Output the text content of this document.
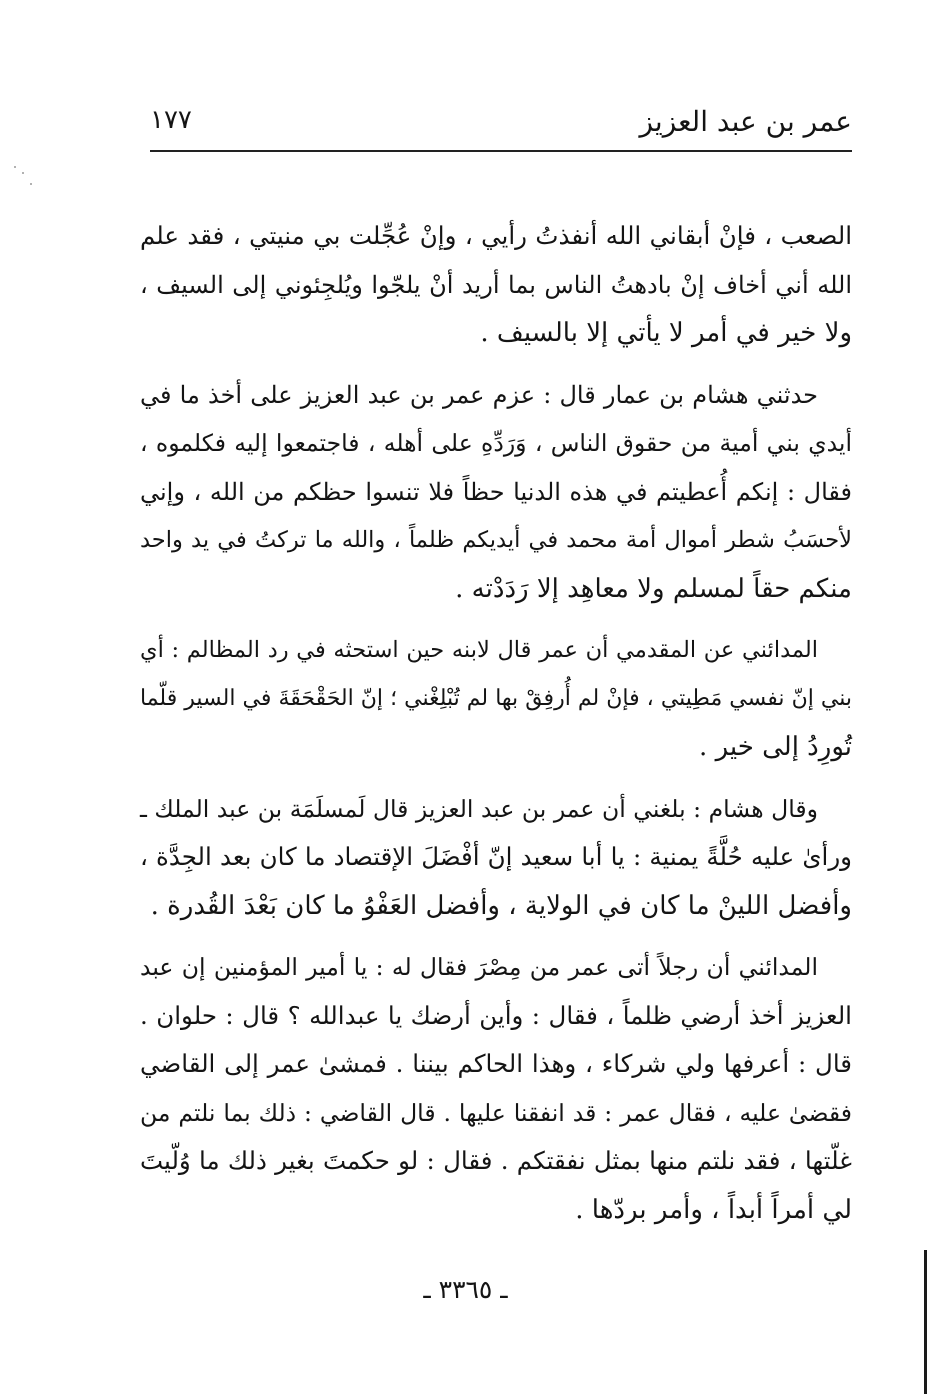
عمر بن عبد العزيز
١٧٧

الصعب ، فإنْ أبقاني الله أنفذتُ رأيي ، وإنْ عُجِّلت بي منيتي ، فقد علم
الله أني أخاف إنْ بادهتُ الناس بما أريد أنْ يلجّوا ويُلجِئوني إلى السيف ،
ولا خير في أمر لا يأتي إلا بالسيف .

حدثني هشام بن عمار قال : عزم عمر بن عبد العزيز على أخذ ما في
أيدي بني أمية من حقوق الناس ، وَرَدِّهِ على أهله ، فاجتمعوا إليه فكلموه ،
فقال : إنكم أُعطيتم في هذه الدنيا حظاً فلا تنسوا حظكم من الله ، وإني
لأحسَبُ شطر أموال أمة محمد في أيديكم ظلماً ، والله ما تركتُ في يد واحد
منكم حقاً لمسلم ولا معاهِد إلا رَدَدْته .

المدائني عن المقدمي أن عمر قال لابنه حين استحثه في رد المظالم : أي
بني إنّ نفسي مَطِيتي ، فإنْ لم أُرفِقْ بها لم تُبْلِغْني ؛ إنّ الحَقْحَقَةَ في السير قلّما
تُورِدُ إلى خير .

وقال هشام : بلغني أن عمر بن عبد العزيز قال لَمسلَمَة بن عبد الملك ـ
ورأىٰ عليه حُلَّةً يمنية : يا أبا سعيد إنّ أفْضَلَ الإقتصاد ما كان بعد الجِدَّة ،
وأفضل اللينْ ما كان في الولاية ، وأفضل العَفْوُ ما كان بَعْدَ القُدرة .

المدائني أن رجلاً أتى عمر من مِصْرَ فقال له : يا أمير المؤمنين إن عبد
العزيز أخذ أرضي ظلماً ، فقال : وأين أرضك يا عبدالله ؟ قال : حلوان .
قال : أعرفها ولي شركاء ، وهذا الحاكم بيننا . فمشىٰ عمر إلى القاضي
فقضىٰ عليه ، فقال عمر : قد انفقنا عليها . قال القاضي : ذلك بما نلتم من
غلّتها ، فقد نلتم منها بمثل نفقتكم . فقال : لو حكمتَ بغير ذلك ما وُلّيتَ
لي أمراً أبداً ، وأمر بردّها .

ـ ٣٣٦٥ ـ
